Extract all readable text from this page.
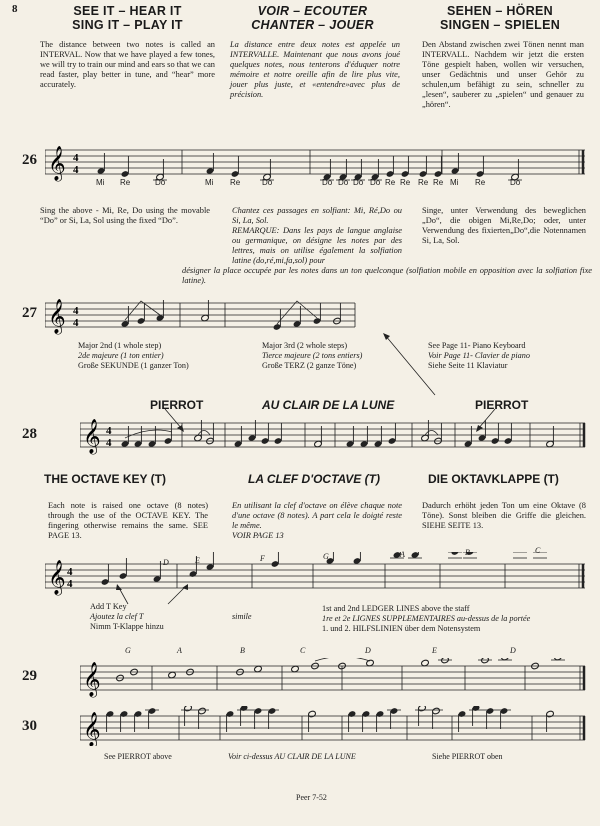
8	SEE IT – HEAR IT
SING IT – PLAY IT
VOIR – ECOUTER
CHANTER – JOUER
SEHEN – HÖREN
SINGEN – SPIELEN
The distance between two notes is called an INTERVAL. Now that we have played a few tones, we will try to train our mind and ears so that we can read faster, play better in tune, and “hear” more accurately.
La distance entre deux notes est appelée un INTERVALLE. Maintenant que nous avons joué quelques notes, nous tenterons d'éduquer notre mémoire et notre oreille afin de lire plus vite, jouer plus juste, et «entendre»avec plus de précision.
Den Abstand zwischen zwei Tönen nennt man INTERVALL. Nachdem wir jetzt die ersten Töne gespielt haben, wollen wir versuchen, unser Gedächtnis und unser Gehör zu schulen,um befähigt zu sein, schneller zu „lesen“, sauberer zu „spielen“ und genauer zu „hören“.
26 𝄞 4
4
Mi Re	Do	Mi Re	Do	Do Do Do Do Re Re Re Re Mi Re	Do
Sing the above - Mi, Re, Do using the movable “Do” or Si, La, Sol using the fixed “Do”.
Chantez ces passages en solfiant: Mi, Ré,Do ou Si, La, Sol.
REMARQUE: Dans les pays de langue anglaise ou germanique, on désigne les notes par des lettres, mais on utilise également la solfiation latine (do,ré,mi,fa,sol) pour
désigner la place occupée par les notes dans un ton quelconque (solfiation mobile en opposition avec la solfiation fixe latine).
Singe, unter Verwendung des beweglichen „Do“, die obigen Mi,Re,Do; oder, unter Verwendung des fixierten„Do“,die Notennamen Si, La, Sol.
27 𝄞 4
4
Major 2nd (1 whole step)
2de majeure (1 ton entier)
Große SEKUNDE (1 ganzer Ton)
Major 3rd (2 whole steps)
Tierce majeure (2 tons entiers)
Große TERZ (2 ganze Töne)
See Page 11- Piano Keyboard
Voir Page 11- Clavier de piano
Siehe Seite 11 Klaviatur
PIERROT	AU CLAIR DE LA LUNE	PIERROT
28 𝄞 4
4
THE OCTAVE KEY (T)	LA CLEF D'OCTAVE (T)	DIE OKTAVKLAPPE (T)
Each note is raised one octave (8 notes) through the use of the OCTAVE KEY. The fingering otherwise remains the same. SEE PAGE 13.
En utilisant la clef d'octave on élève chaque note d'une octave (8 notes). A part cela le doigté reste le même.
VOIR PAGE 13
Dadurch erhöht jeden Ton um eine Oktave (8 Töne). Sonst bleiben die Griffe die gleichen. SIEHE SEITE 13.
𝄞 4
4
D	E	F	G	A	B	C
Add T Key
Ajoutez la clef T
Nimm T-Klappe hinzu
simile
1st and 2nd LEDGER LINES above the staff
1re et 2e LIGNES SUPPLEMENTAIRES au-dessus de la portée
1. und 2. HILFSLINIEN über dem Notensystem
29 𝄞
G	A	B	C	D	E	D
30 𝄞
See PIERROT above	Voir ci-dessus AU CLAIR DE LA LUNE	Siehe PIERROT oben
Peer 7-52
